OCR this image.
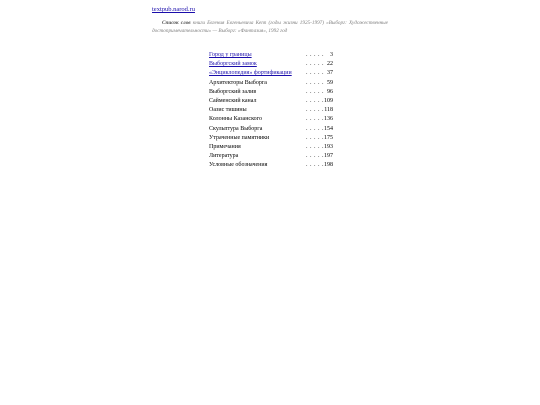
textpub.narod.ru
Список слов книги Евгения Евгеньевича Кепп (годы жизни 1925-1997) «Выборг: Художественные достопримечательности» — Выборг: «Фантазия», 1992 год
Город у границы	. . . . . 3
Выборгский замок	. . . . . 22
«Энциклопедия» фортификации . . . . . 37
Архитекторы Выборга	. . . . . 59
Выборгский залив	. . . . . 96
Сайменский канал	. . . . . 109
Оазис тишины	. . . . . 118
Колонны Казанского	. . . . . 136
Скульптура Выборга	. . . . . 154
Утраченные памятники	. . . . . 175
Примечания	. . . . . 193
Литература	. . . . . 197
Условные обозначения	. . . . . 198
